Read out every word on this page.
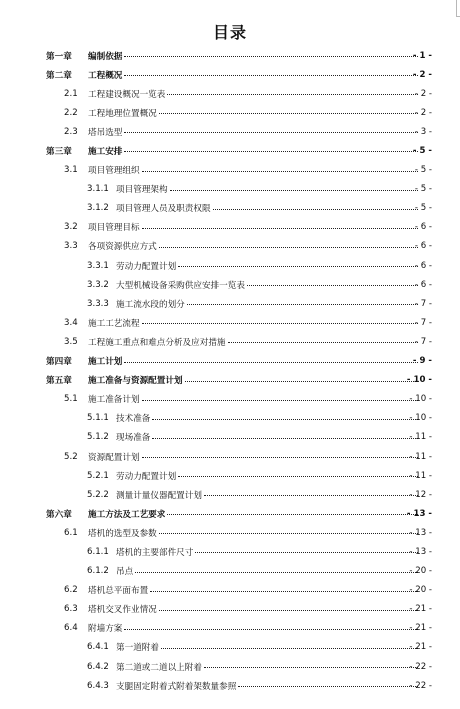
目录
第一章 编制依据	- 1 -
第二章 工程概况	- 2 -
2.1 工程建设概况一览表	- 2 -
2.2 工程地理位置概况	- 2 -
2.3 塔吊选型	- 3 -
第三章 施工安排	- 5 -
3.1 项目管理组织	- 5 -
3.1.1 项目管理架构	- 5 -
3.1.2 项目管理人员及职责权限	- 5 -
3.2 项目管理目标	- 6 -
3.3 各项资源供应方式	- 6 -
3.3.1 劳动力配置计划	- 6 -
3.3.2 大型机械设备采购供应安排一览表	- 6 -
3.3.3 施工流水段的划分	- 7 -
3.4 施工工艺流程	- 7 -
3.5 工程施工重点和难点分析及应对措施	- 7 -
第四章 施工计划	- 9 -
第五章 施工准备与资源配置计划	- 10 -
5.1 施工准备计划	- 10 -
5.1.1 技术准备	- 10 -
5.1.2 现场准备	- 11 -
5.2 资源配置计划	- 11 -
5.2.1 劳动力配置计划	- 11 -
5.2.2 测量计量仪器配置计划	- 12 -
第六章 施工方法及工艺要求	- 13 -
6.1 塔机的选型及参数	- 13 -
6.1.1 塔机的主要部件尺寸	- 13 -
6.1.2 吊点	- 20 -
6.2 塔机总平面布置	- 20 -
6.3 塔机交叉作业情况	- 21 -
6.4 附墙方案	- 21 -
6.4.1 第一道附着	- 21 -
6.4.2 第二道或二道以上附着	- 22 -
6.4.3 支腿固定附着式附着架数量参照	- 22 -
